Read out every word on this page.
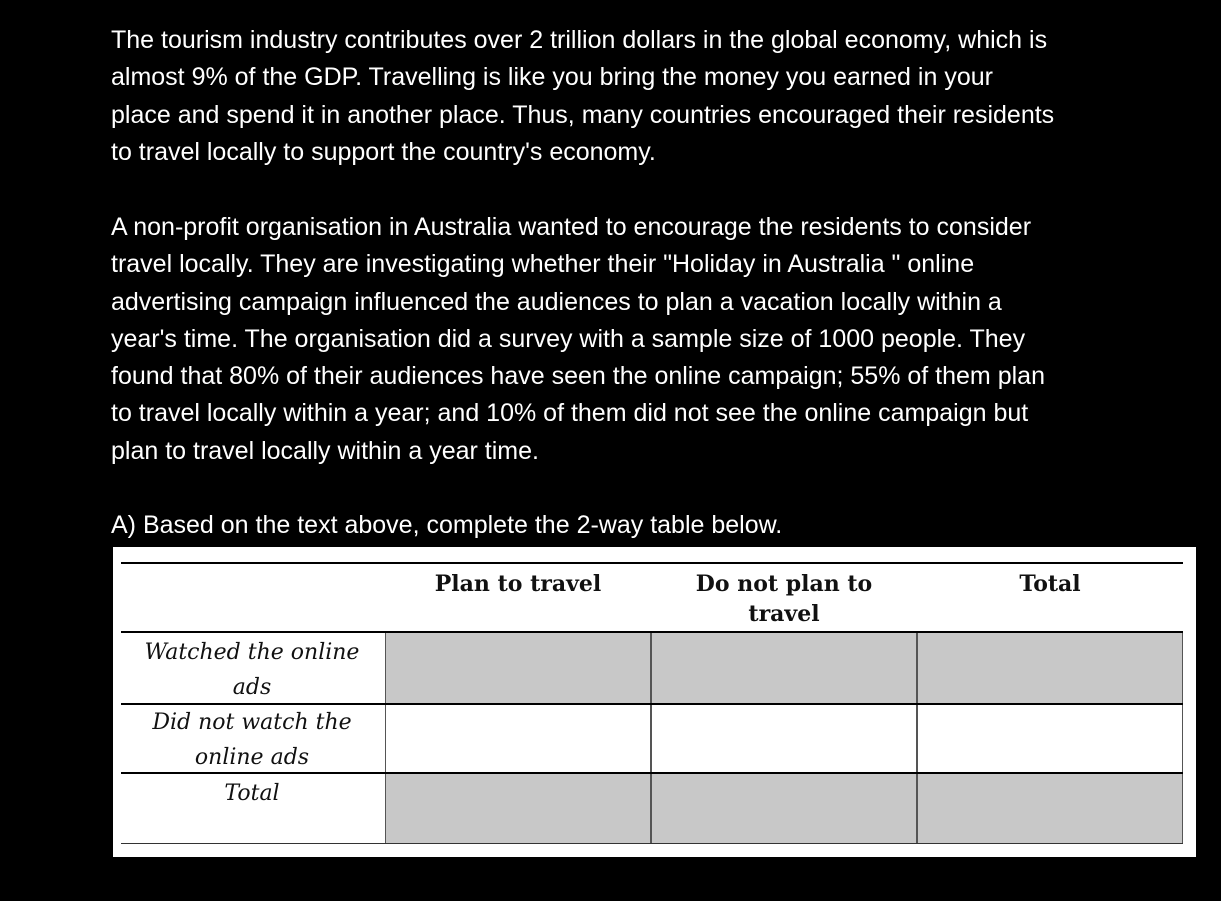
The tourism industry contributes over 2 trillion dollars in the global economy, which is
almost 9% of the GDP. Travelling is like you bring the money you earned in your
place and spend it in another place. Thus, many countries encouraged their residents
to travel locally to support the country's economy.

A non-profit organisation in Australia wanted to encourage the residents to consider
travel locally. They are investigating whether their "Holiday in Australia " online
advertising campaign influenced the audiences to plan a vacation locally within a
year's time. The organisation did a survey with a sample size of 1000 people. They
found that 80% of their audiences have seen the online campaign; 55% of them plan
to travel locally within a year; and 10% of them did not see the online campaign but
plan to travel locally within a year time.

A) Based on the text above, complete the 2-way table below.

Plan to travel	Do not plan to
travel
Total
Watched the online
ads
Did not watch the
online ads
Total
